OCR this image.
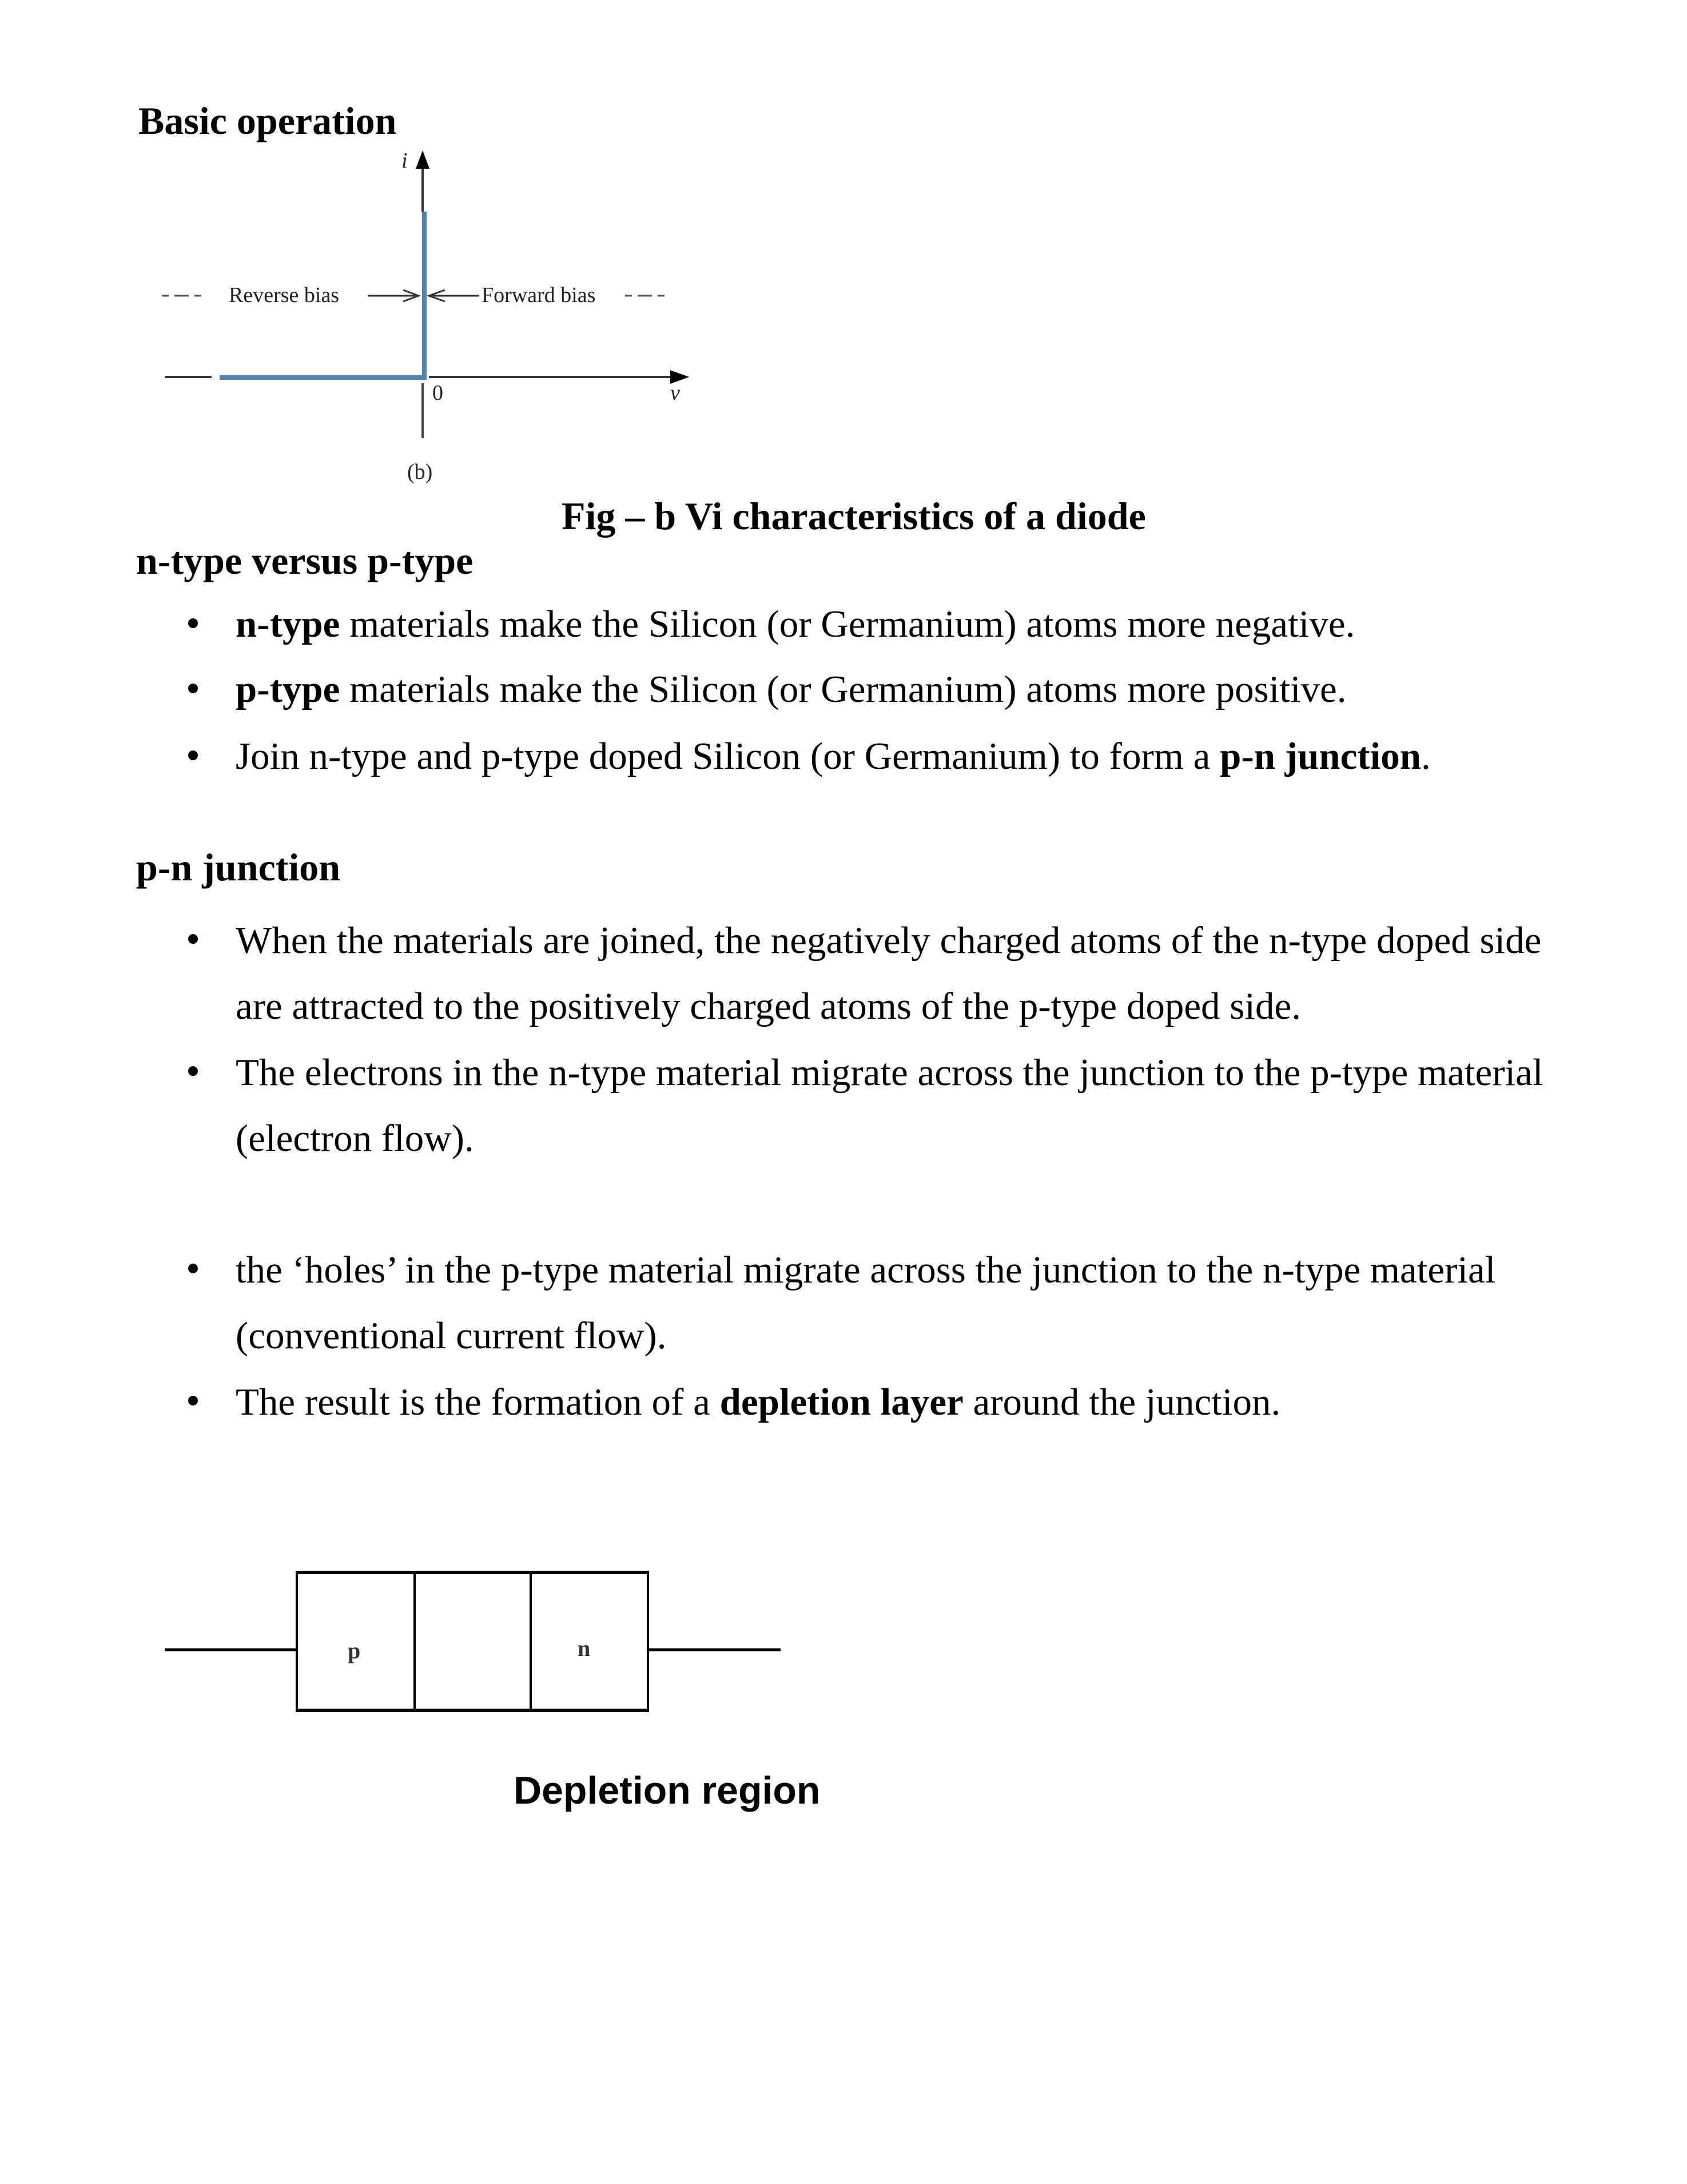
Basic operation
i
Reverse bias	Forward bias
0	v
(b)
Fig – b Vi characteristics of a diode
n-type versus p-type
n-type materials make the Silicon (or Germanium) atoms more negative.
p-type materials make the Silicon (or Germanium) atoms more positive.
Join n-type and p-type doped Silicon (or Germanium) to form a p-n junction.
p-n junction
When the materials are joined, the negatively charged atoms of the n-type doped side
are attracted to the positively charged atoms of the p-type doped side.
The electrons in the n-type material migrate across the junction to the p-type material
(electron flow).
the ‘holes’ in the p-type material migrate across the junction to the n-type material
(conventional current flow).
The result is the formation of a depletion layer around the junction.
p	n
Depletion region
